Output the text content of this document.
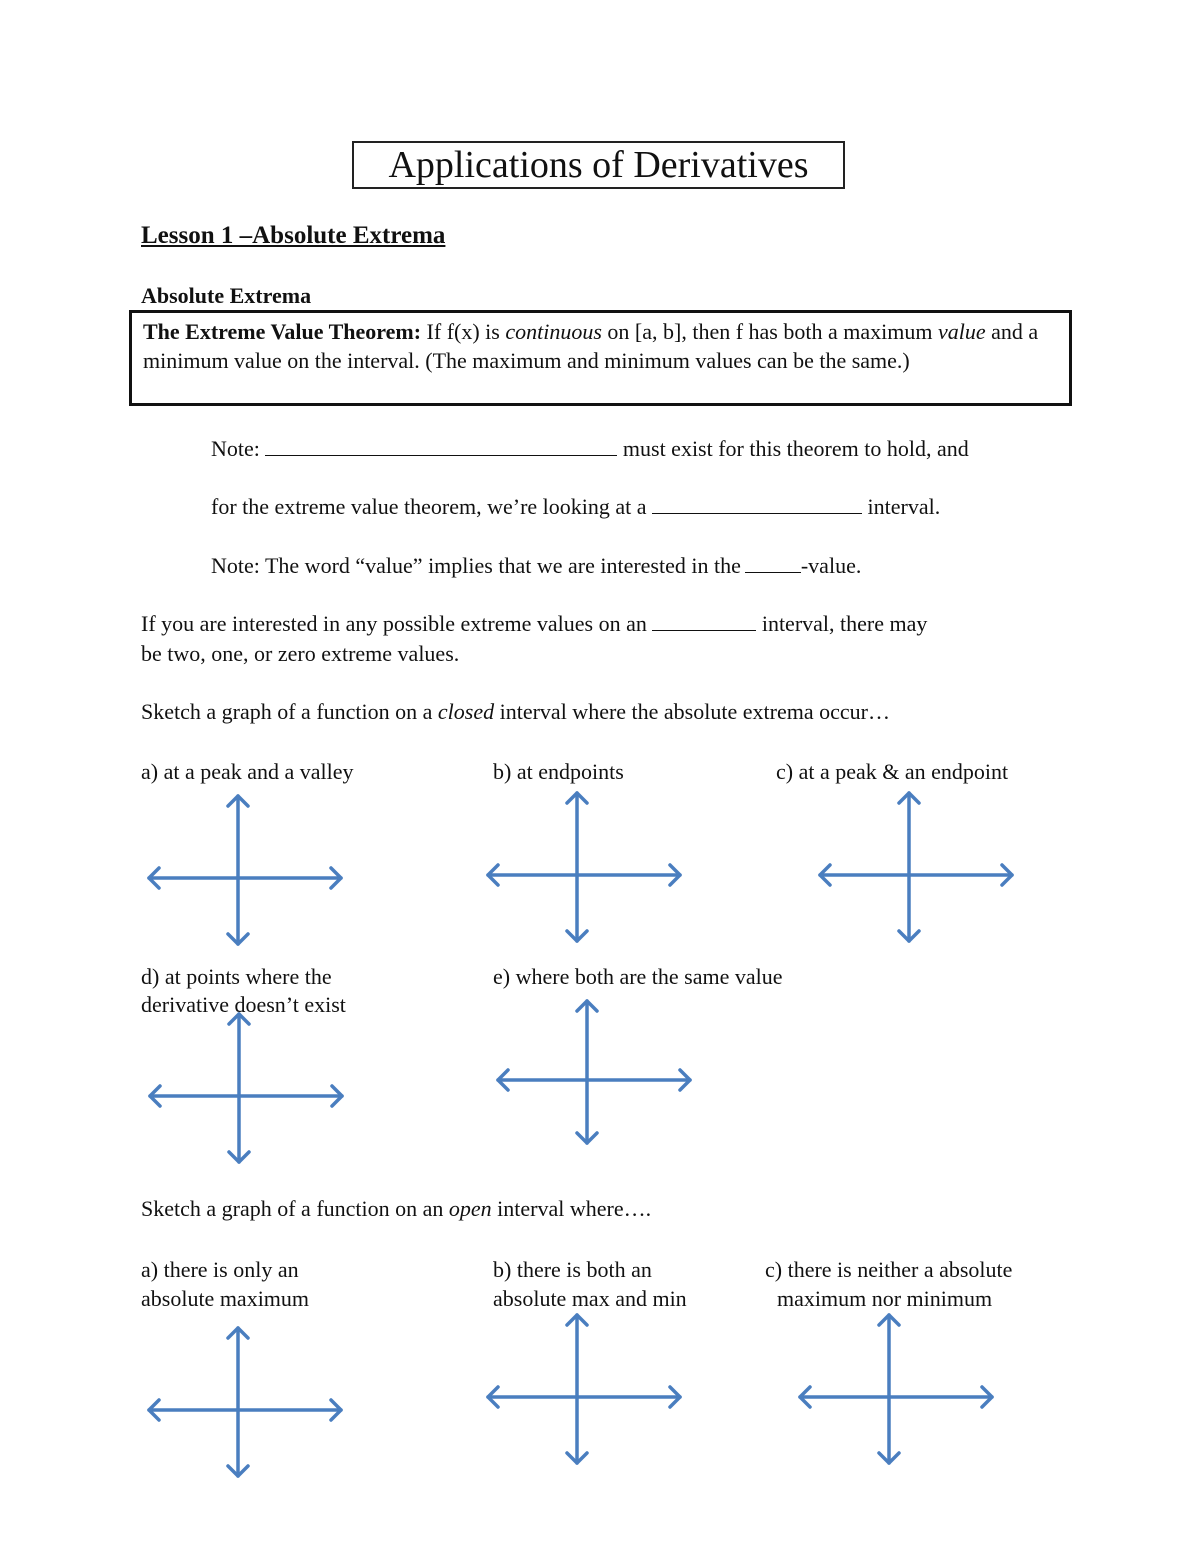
Applications of Derivatives
Lesson 1 –Absolute Extrema
Absolute Extrema
The Extreme Value Theorem: If f(x) is continuous on [a, b], then f has both a maximum value and a minimum value on the interval. (The maximum and minimum values can be the same.)
Note:	must exist for this theorem to hold, and
for the extreme value theorem, we’re looking at a	interval.
Note: The word “value” implies that we are interested in the	-value.
If you are interested in any possible extreme values on an	interval, there may
be two, one, or zero extreme values.
Sketch a graph of a function on a closed interval where the absolute extrema occur…
a) at a peak and a valley	b) at endpoints	c) at a peak & an endpoint
d) at points where the
derivative doesn’t exist
e) where both are the same value
Sketch a graph of a function on an open interval where….
a) there is only an
absolute maximum
b) there is both an
absolute max and min
c) there is neither a absolute
maximum nor minimum
